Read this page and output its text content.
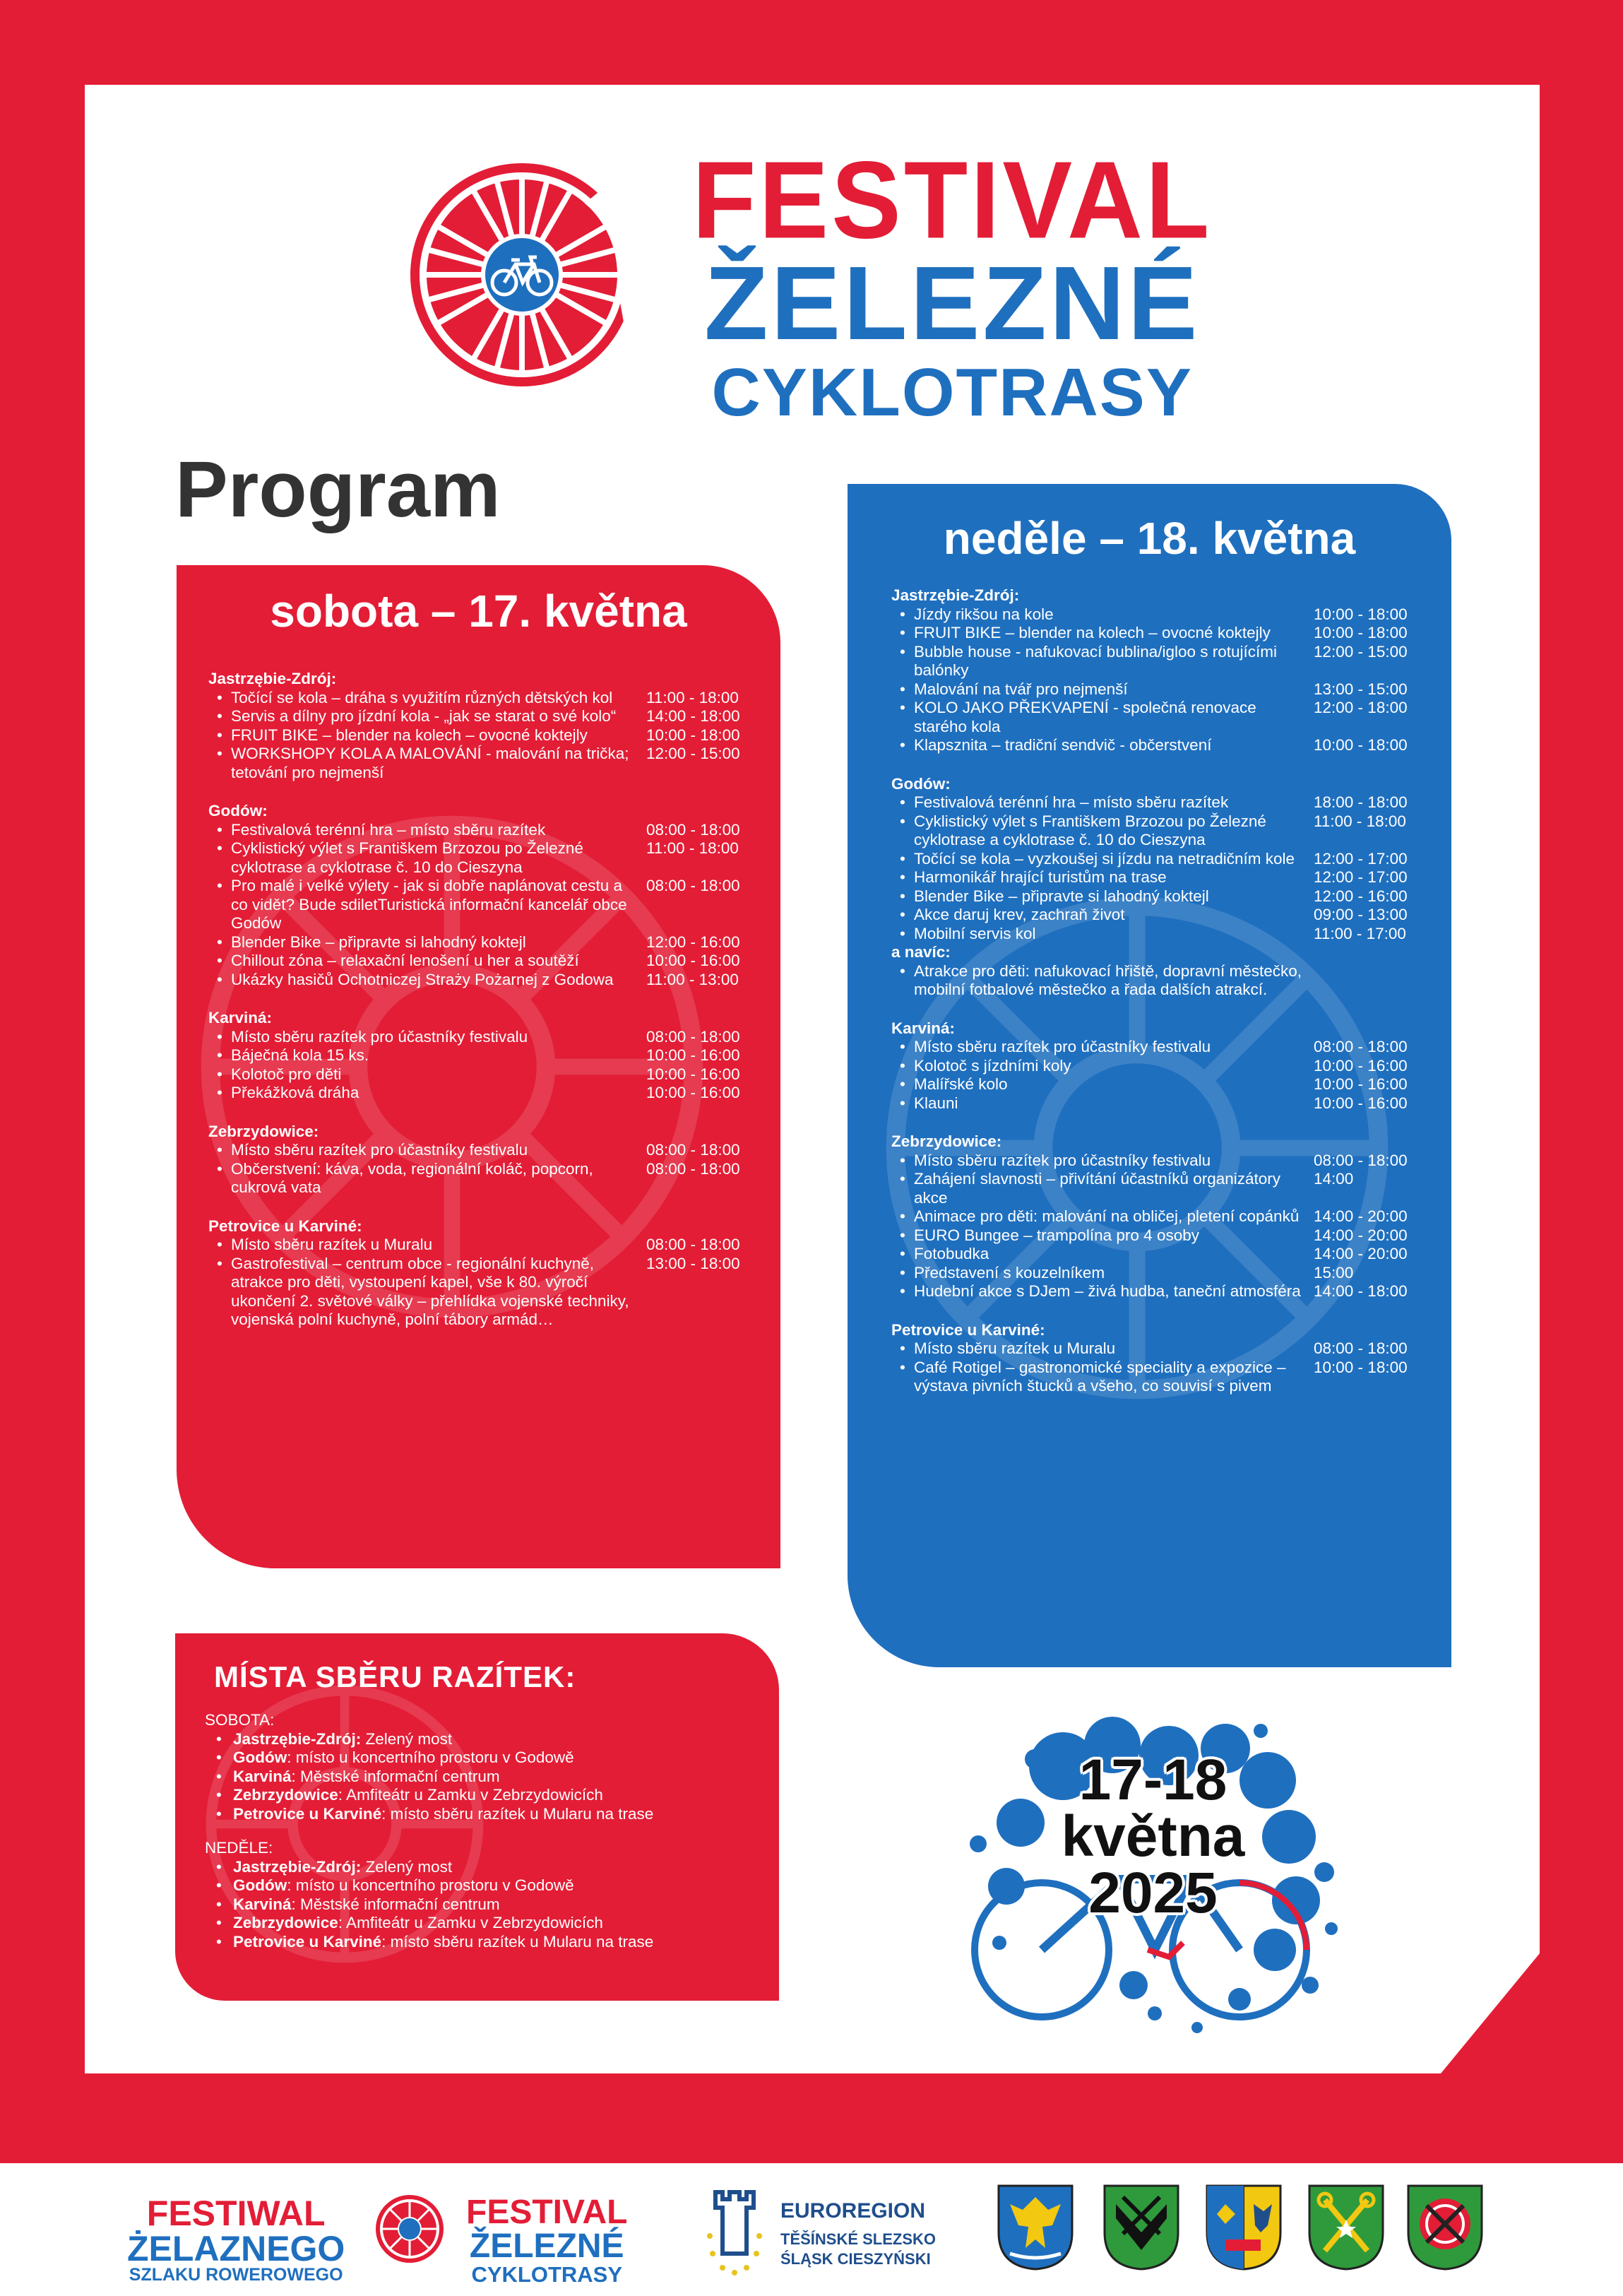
FESTIVAL
ŽELEZNÉ
CYKLOTRASY
Program
sobota – 17. května
Jastrzębie-Zdrój:
• Točící se kola – dráha s využitím různých dětských kol	11:00 - 18:00
• Servis a dílny pro jízdní kola - „jak se starat o své kolo“	14:00 - 18:00
• FRUIT BIKE – blender na kolech – ovocné koktejly	10:00 - 18:00
• WORKSHOPY KOLA A MALOVÁNÍ - malování na trička; tetování pro nejmenší
12:00 - 15:00
Godów:
• Festivalová terénní hra – místo sběru razítek	08:00 - 18:00
• Cyklistický výlet s Františkem Brzozou po Železné cyklotrase a cyklotrase č. 10 do Cieszyna
11:00 - 18:00
• Pro malé i velké výlety - jak si dobře naplánovat cestu a co vidět? Bude sdiletTuristická informační kancelář obce Godów
08:00 - 18:00
• Blender Bike – připravte si lahodný koktejl	12:00 - 16:00
• Chillout zóna – relaxační lenošení u her a soutěží	10:00 - 16:00
• Ukázky hasičů Ochotniczej Straży Pożarnej z Godowa	11:00 - 13:00
Karviná:
• Místo sběru razítek pro účastníky festivalu	08:00 - 18:00
• Báječná kola 15 ks.	10:00 - 16:00
• Kolotoč pro děti	10:00 - 16:00
• Překážková dráha	10:00 - 16:00
Zebrzydowice:
• Místo sběru razítek pro účastníky festivalu	08:00 - 18:00
• Občerstvení: káva, voda, regionální koláč, popcorn, cukrová vata
08:00 - 18:00
Petrovice u Karviné:
• Místo sběru razítek u Muralu	08:00 - 18:00
• Gastrofestival – centrum obce - regionální kuchyně, atrakce pro děti, vystoupení kapel, vše k 80. výročí ukončení 2. světové války – přehlídka vojenské techniky, vojenská polní kuchyně, polní tábory armád…
13:00 - 18:00
neděle – 18. května
Jastrzębie-Zdrój:
• Jízdy rikšou na kole	10:00 - 18:00
• FRUIT BIKE – blender na kolech – ovocné koktejly	10:00 - 18:00
• Bubble house - nafukovací bublina/igloo s rotujícími balónky
12:00 - 15:00
• Malování na tvář pro nejmenší	13:00 - 15:00
• KOLO JAKO PŘEKVAPENÍ - společná renovace starého kola
12:00 - 18:00
• Klapsznita – tradiční sendvič - občerstvení	10:00 - 18:00
Godów:
• Festivalová terénní hra – místo sběru razítek	18:00 - 18:00
• Cyklistický výlet s Františkem Brzozou po Železné cyklotrase a cyklotrase č. 10 do Cieszyna
11:00 - 18:00
• Točící se kola – vyzkoušej si jízdu na netradičním kole	12:00 - 17:00
• Harmonikář hrající turistům na trase	12:00 - 17:00
• Blender Bike – připravte si lahodný koktejl	12:00 - 16:00
• Akce daruj krev, zachraň život	09:00 - 13:00
• Mobilní servis kol	11:00 - 17:00
a navíc:
• Atrakce pro děti: nafukovací hřiště, dopravní městečko, mobilní fotbalové městečko a řada dalších atrakcí.
Karviná:
• Místo sběru razítek pro účastníky festivalu	08:00 - 18:00
• Kolotoč s jízdními koly	10:00 - 16:00
• Malířské kolo	10:00 - 16:00
• Klauni	10:00 - 16:00
Zebrzydowice:
• Místo sběru razítek pro účastníky festivalu	08:00 - 18:00
• Zahájení slavnosti – přivítání účastníků organizátory akce
14:00
• Animace pro děti: malování na obličej, pletení copánků 14:00 - 20:00
• EURO Bungee – trampolína pro 4 osoby	14:00 - 20:00
• Fotobudka	14:00 - 20:00
• Představení s kouzelníkem	15:00
• Hudební akce s DJem – živá hudba, taneční atmosféra 14:00 - 18:00
Petrovice u Karviné:
• Místo sběru razítek u Muralu	08:00 - 18:00
• Café Rotigel – gastronomické speciality a expozice – výstava pivních štucků a všeho, co souvisí s pivem
10:00 - 18:00
MÍSTA SBĚRU RAZÍTEK:
SOBOTA:
• Jastrzębie-Zdrój: Zelený most
• Godów: místo u koncertního prostoru v Godowě
• Karviná: Městské informační centrum
• Zebrzydowice: Amfiteátr u Zamku v Zebrzydowicích
• Petrovice u Karviné: místo sběru razítek u Mularu na trase
NEDĚLE:
• Jastrzębie-Zdrój: Zelený most
• Godów: místo u koncertního prostoru v Godowě
• Karviná: Městské informační centrum
• Zebrzydowice: Amfiteátr u Zamku v Zebrzydowicích
• Petrovice u Karviné: místo sběru razítek u Mularu na trase
17-18
května
2025
FESTIWAL
ŻELAZNEGO
SZLAKU ROWEROWEGO
FESTIVAL
ŽELEZNÉ
CYKLOTRASY
EUROREGION
TĚŠÍNSKÉ SLEZSKO
ŚLĄSK CIESZYŃSKI
